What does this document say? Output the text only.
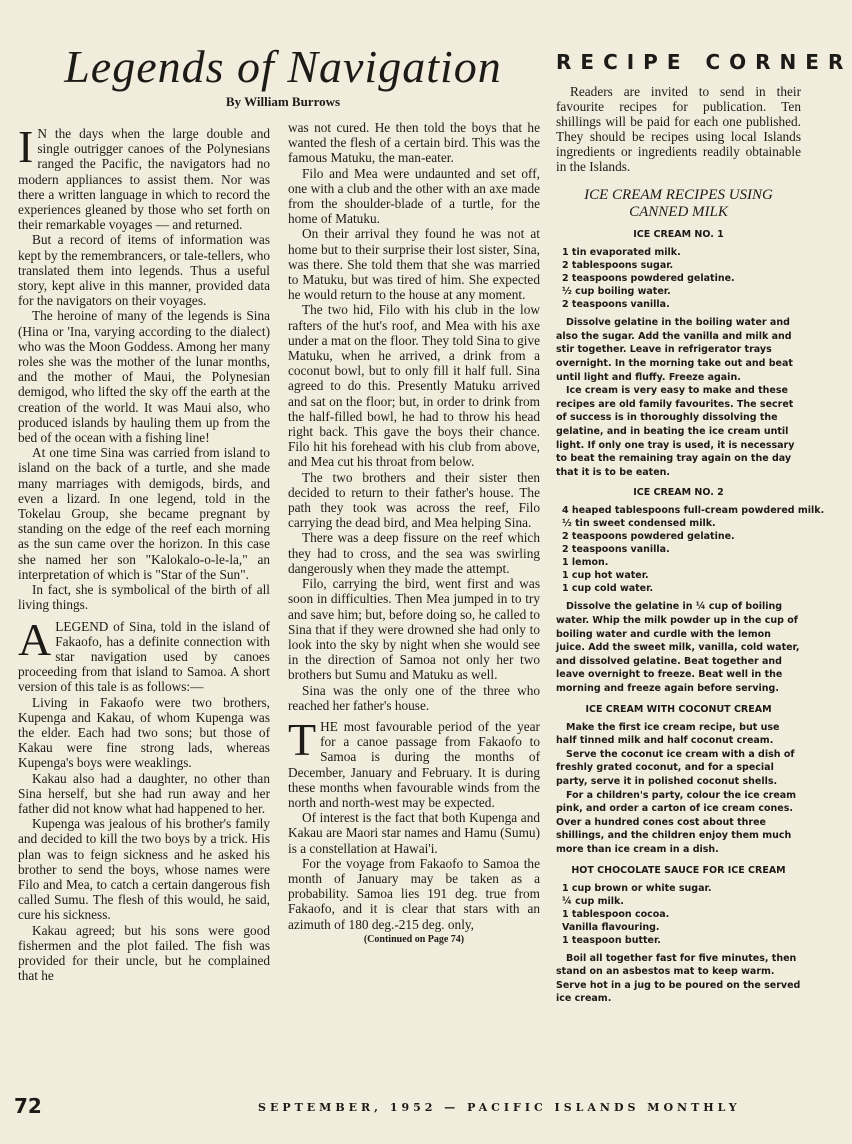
Legends of Navigation
By William Burrows

I N the days when the large double and single outrigger canoes of the Polynesians ranged the Pacific, the navigators had no modern appliances to assist them. Nor was there a written language in which to record the experiences gleaned by those who set forth on their remarkable voyages — and returned.

But a record of items of information was kept by the remembrancers, or tale-tellers, who translated them into legends. Thus a useful story, kept alive in this manner, provided data for the navigators on their voyages.

The heroine of many of the legends is Sina (Hina or 'Ina, varying according to the dialect) who was the Moon Goddess. Among her many roles she was the mother of the lunar months, and the mother of Maui, the Polynesian demigod, who lifted the sky off the earth at the creation of the world. It was Maui also, who produced islands by hauling them up from the bed of the ocean with a fishing line!

At one time Sina was carried from island to island on the back of a turtle, and she made many marriages with demigods, birds, and even a lizard. In one legend, told in the Tokelau Group, she became pregnant by standing on the edge of the reef each morning as the sun came over the horizon. In this case she named her son "Kalokalo-o-le-la," an interpretation of which is "Star of the Sun".

In fact, she is symbolical of the birth of all living things.

ALEGEND of Sina, told in the island of Fakaofo, has a definite connection with star navigation used by canoes proceeding from that island to Samoa. A short version of this tale is as follows:—

Living in Fakaofo were two brothers, Kupenga and Kakau, of whom Kupenga was the elder. Each had two sons; but those of Kakau were fine strong lads, whereas Kupenga's boys were weaklings.

Kakau also had a daughter, no other than Sina herself, but she had run away and her father did not know what had happened to her.

Kupenga was jealous of his brother's family and decided to kill the two boys by a trick. His plan was to feign sickness and he asked his brother to send the boys, whose names were Filo and Mea, to catch a certain dangerous fish called Sumu. The flesh of this would, he said, cure his sickness.

Kakau agreed; but his sons were good fishermen and the plot failed. The fish was provided for their uncle, but he complained that he

was not cured. He then told the boys that he wanted the flesh of a certain bird. This was the famous Matuku, the man-eater.

Filo and Mea were undaunted and set off, one with a club and the other with an axe made from the shoulder-blade of a turtle, for the home of Matuku.

On their arrival they found he was not at home but to their surprise their lost sister, Sina, was there. She told them that she was married to Matuku, but was tired of him. She expected he would return to the house at any moment.

The two hid, Filo with his club in the low rafters of the hut's roof, and Mea with his axe under a mat on the floor. They told Sina to give Matuku, when he arrived, a drink from a coconut bowl, but to only fill it half full. Sina agreed to do this. Presently Matuku arrived and sat on the floor; but, in order to drink from the half-filled bowl, he had to throw his head right back. This gave the boys their chance. Filo hit his forehead with his club from above, and Mea cut his throat from below.

The two brothers and their sister then decided to return to their father's house. The path they took was across the reef, Filo carrying the dead bird, and Mea helping Sina.

There was a deep fissure on the reef which they had to cross, and the sea was swirling dangerously when they made the attempt.

Filo, carrying the bird, went first and was soon in difficulties. Then Mea jumped in to try and save him; but, before doing so, he called to Sina that if they were drowned she had only to look into the sky by night when she would see in the direction of Samoa not only her two brothers but Sumu and Matuku as well.

Sina was the only one of the three who reached her father's house.

THE most favourable period of the year for a canoe passage from Fakaofo to Samoa is during the months of December, January and February. It is during these months when favourable winds from the north and north-west may be expected.

Of interest is the fact that both Kupenga and Kakau are Maori star names and Hamu (Sumu) is a constellation at Hawai'i.

For the voyage from Fakaofo to Samoa the month of January may be taken as a probability. Samoa lies 191 deg. true from Fakaofo, and it is clear that stars with an azimuth of 180 deg.-215 deg. only,

(Continued on Page 74)

RECIPE CORNER

Readers are invited to send in their favourite recipes for publication. Ten shillings will be paid for each one published. They should be recipes using local Islands ingredients or ingredients readily obtainable in the Islands.

ICE CREAM RECIPES USING CANNED MILK
ICE CREAM NO. 1
1 tin evaporated milk.
2 tablespoons sugar.
2 teaspoons powdered gelatine.
½ cup boiling water.
2 teaspoons vanilla.

Dissolve gelatine in the boiling water and also the sugar. Add the vanilla and milk and stir together. Leave in refrigerator trays overnight. In the morning take out and beat until light and fluffy. Freeze again.

Ice cream is very easy to make and these recipes are old family favourites. The secret of success is in thoroughly dissolving the gelatine, and in beating the ice cream until light. If only one tray is used, it is necessary to beat the remaining tray again on the day that it is to be eaten.

ICE CREAM NO. 2
4 heaped tablespoons full-cream powdered milk.
½ tin sweet condensed milk.
2 teaspoons powdered gelatine.
2 teaspoons vanilla.
1 lemon.
1 cup hot water.
1 cup cold water.

Dissolve the gelatine in ¼ cup of boiling water. Whip the milk powder up in the cup of boiling water and curdle with the lemon juice. Add the sweet milk, vanilla, cold water, and dissolved gelatine. Beat together and leave overnight to freeze. Beat well in the morning and freeze again before serving.

ICE CREAM WITH COCONUT CREAM

Make the first ice cream recipe, but use half tinned milk and half coconut cream.

Serve the coconut ice cream with a dish of freshly grated coconut, and for a special party, serve it in polished coconut shells.

For a children's party, colour the ice cream pink, and order a carton of ice cream cones. Over a hundred cones cost about three shillings, and the children enjoy them much more than ice cream in a dish.

HOT CHOCOLATE SAUCE FOR ICE CREAM
1 cup brown or white sugar.
¼ cup milk.
1 tablespoon cocoa.
Vanilla flavouring.
1 teaspoon butter.

Boil all together fast for five minutes, then stand on an asbestos mat to keep warm. Serve hot in a jug to be poured on the served ice cream.

72	SEPTEMBER, 1952 — PACIFIC ISLANDS MONTHLY
